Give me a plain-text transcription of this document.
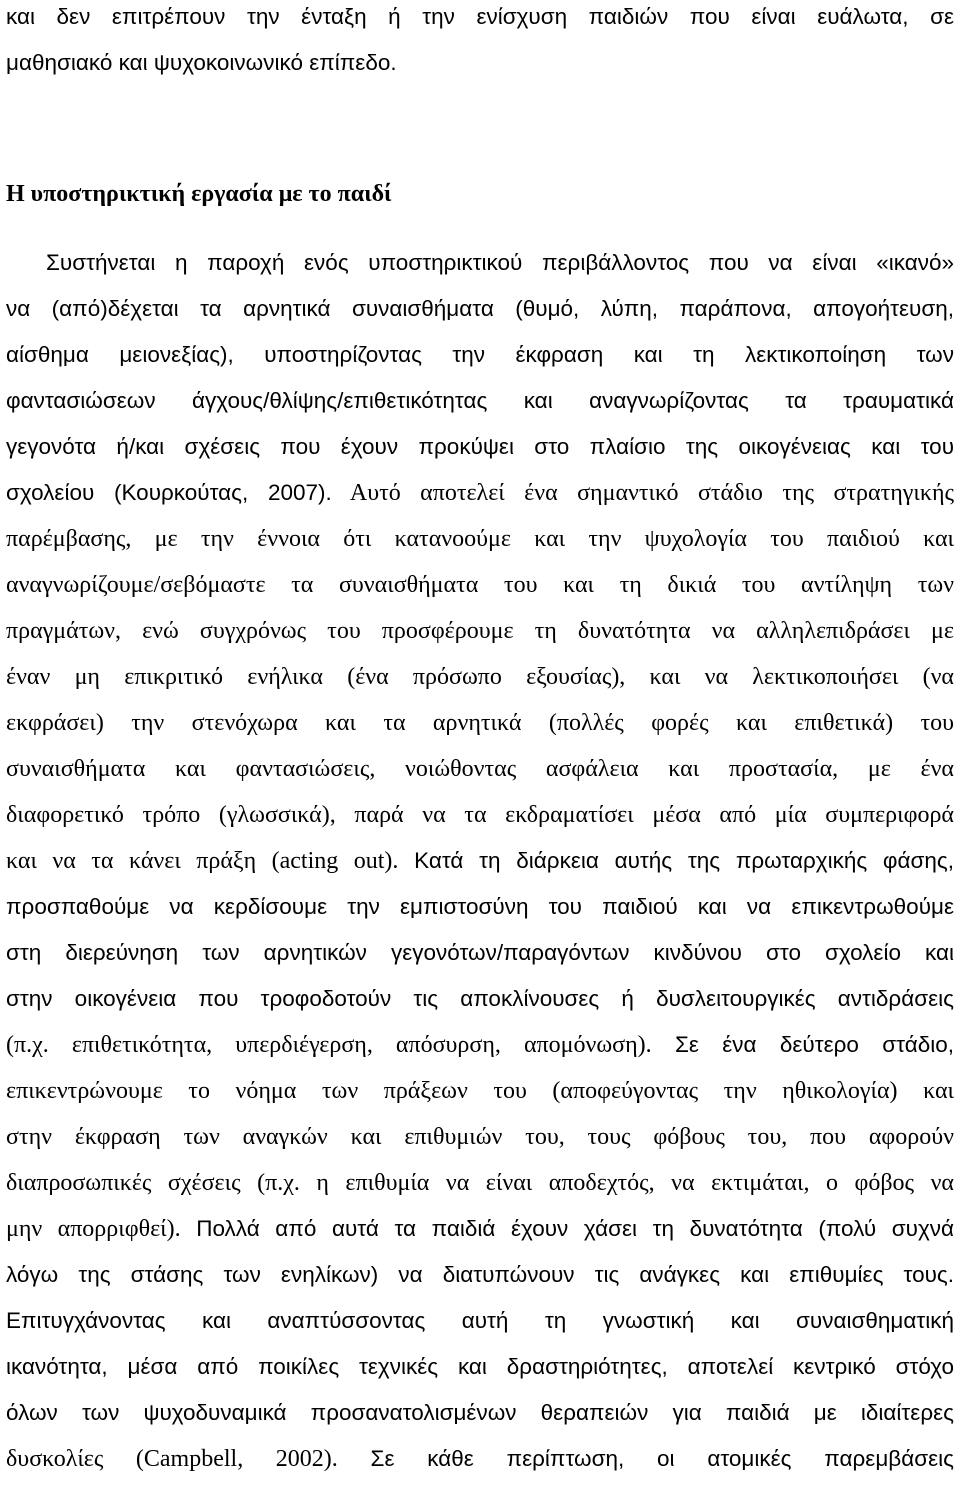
και δεν επιτρέπουν την ένταξη ή την ενίσχυση παιδιών που είναι ευάλωτα, σε
μαθησιακό και ψυχοκοινωνικό επίπεδο.
Η υποστηρικτική εργασία με το παιδί
Συστήνεται η παροχή ενός υποστηρικτικού περιβάλλοντος που να είναι «ικανό»
να (από)δέχεται τα αρνητικά συναισθήματα (θυμό, λύπη, παράπονα, απογοήτευση,
αίσθημα μειονεξίας), υποστηρίζοντας την έκφραση και τη λεκτικοποίηση των
φαντασιώσεων άγχους/θλίψης/επιθετικότητας και αναγνωρίζοντας τα τραυματικά
γεγονότα ή/και σχέσεις που έχουν προκύψει στο πλαίσιο της οικογένειας και του
σχολείου (Κουρκούτας, 2007). Αυτό αποτελεί ένα σημαντικό στάδιο της στρατηγικής
παρέμβασης, με την έννοια ότι κατανοούμε και την ψυχολογία του παιδιού και
αναγνωρίζουμε/σεβόμαστε τα συναισθήματα του και τη δικιά του αντίληψη των
πραγμάτων, ενώ συγχρόνως του προσφέρουμε τη δυνατότητα να αλληλεπιδράσει με
έναν μη επικριτικό ενήλικα (ένα πρόσωπο εξουσίας), και να λεκτικοποιήσει (να
εκφράσει) την στενόχωρα και τα αρνητικά (πολλές φορές και επιθετικά) του
συναισθήματα και φαντασιώσεις, νοιώθοντας ασφάλεια και προστασία, με ένα
διαφορετικό τρόπο (γλωσσικά), παρά να τα εκδραματίσει μέσα από μία συμπεριφορά
και να τα κάνει πράξη (acting out). Κατά τη διάρκεια αυτής της πρωταρχικής φάσης,
προσπαθούμε να κερδίσουμε την εμπιστοσύνη του παιδιού και να επικεντρωθούμε
στη διερεύνηση των αρνητικών γεγονότων/παραγόντων κινδύνου στο σχολείο και
στην οικογένεια που τροφοδοτούν τις αποκλίνουσες ή δυσλειτουργικές αντιδράσεις
(π.χ. επιθετικότητα, υπερδιέγερση, απόσυρση, απομόνωση). Σε ένα δεύτερο στάδιο,
επικεντρώνουμε το νόημα των πράξεων του (αποφεύγοντας την ηθικολογία) και
στην έκφραση των αναγκών και επιθυμιών του, τους φόβους του, που αφορούν
διαπροσωπικές σχέσεις (π.χ. η επιθυμία να είναι αποδεχτός, να εκτιμάται, ο φόβος να
μην απορριφθεί). Πολλά από αυτά τα παιδιά έχουν χάσει τη δυνατότητα (πολύ συχνά
λόγω της στάσης των ενηλίκων) να διατυπώνουν τις ανάγκες και επιθυμίες τους.
Επιτυγχάνοντας και αναπτύσσοντας αυτή τη γνωστική και συναισθηματική
ικανότητα, μέσα από ποικίλες τεχνικές και δραστηριότητες, αποτελεί κεντρικό στόχο
όλων των ψυχοδυναμικά προσανατολισμένων θεραπειών για παιδιά με ιδιαίτερες
δυσκολίες (Campbell, 2002). Σε κάθε περίπτωση, οι ατομικές παρεμβάσεις
